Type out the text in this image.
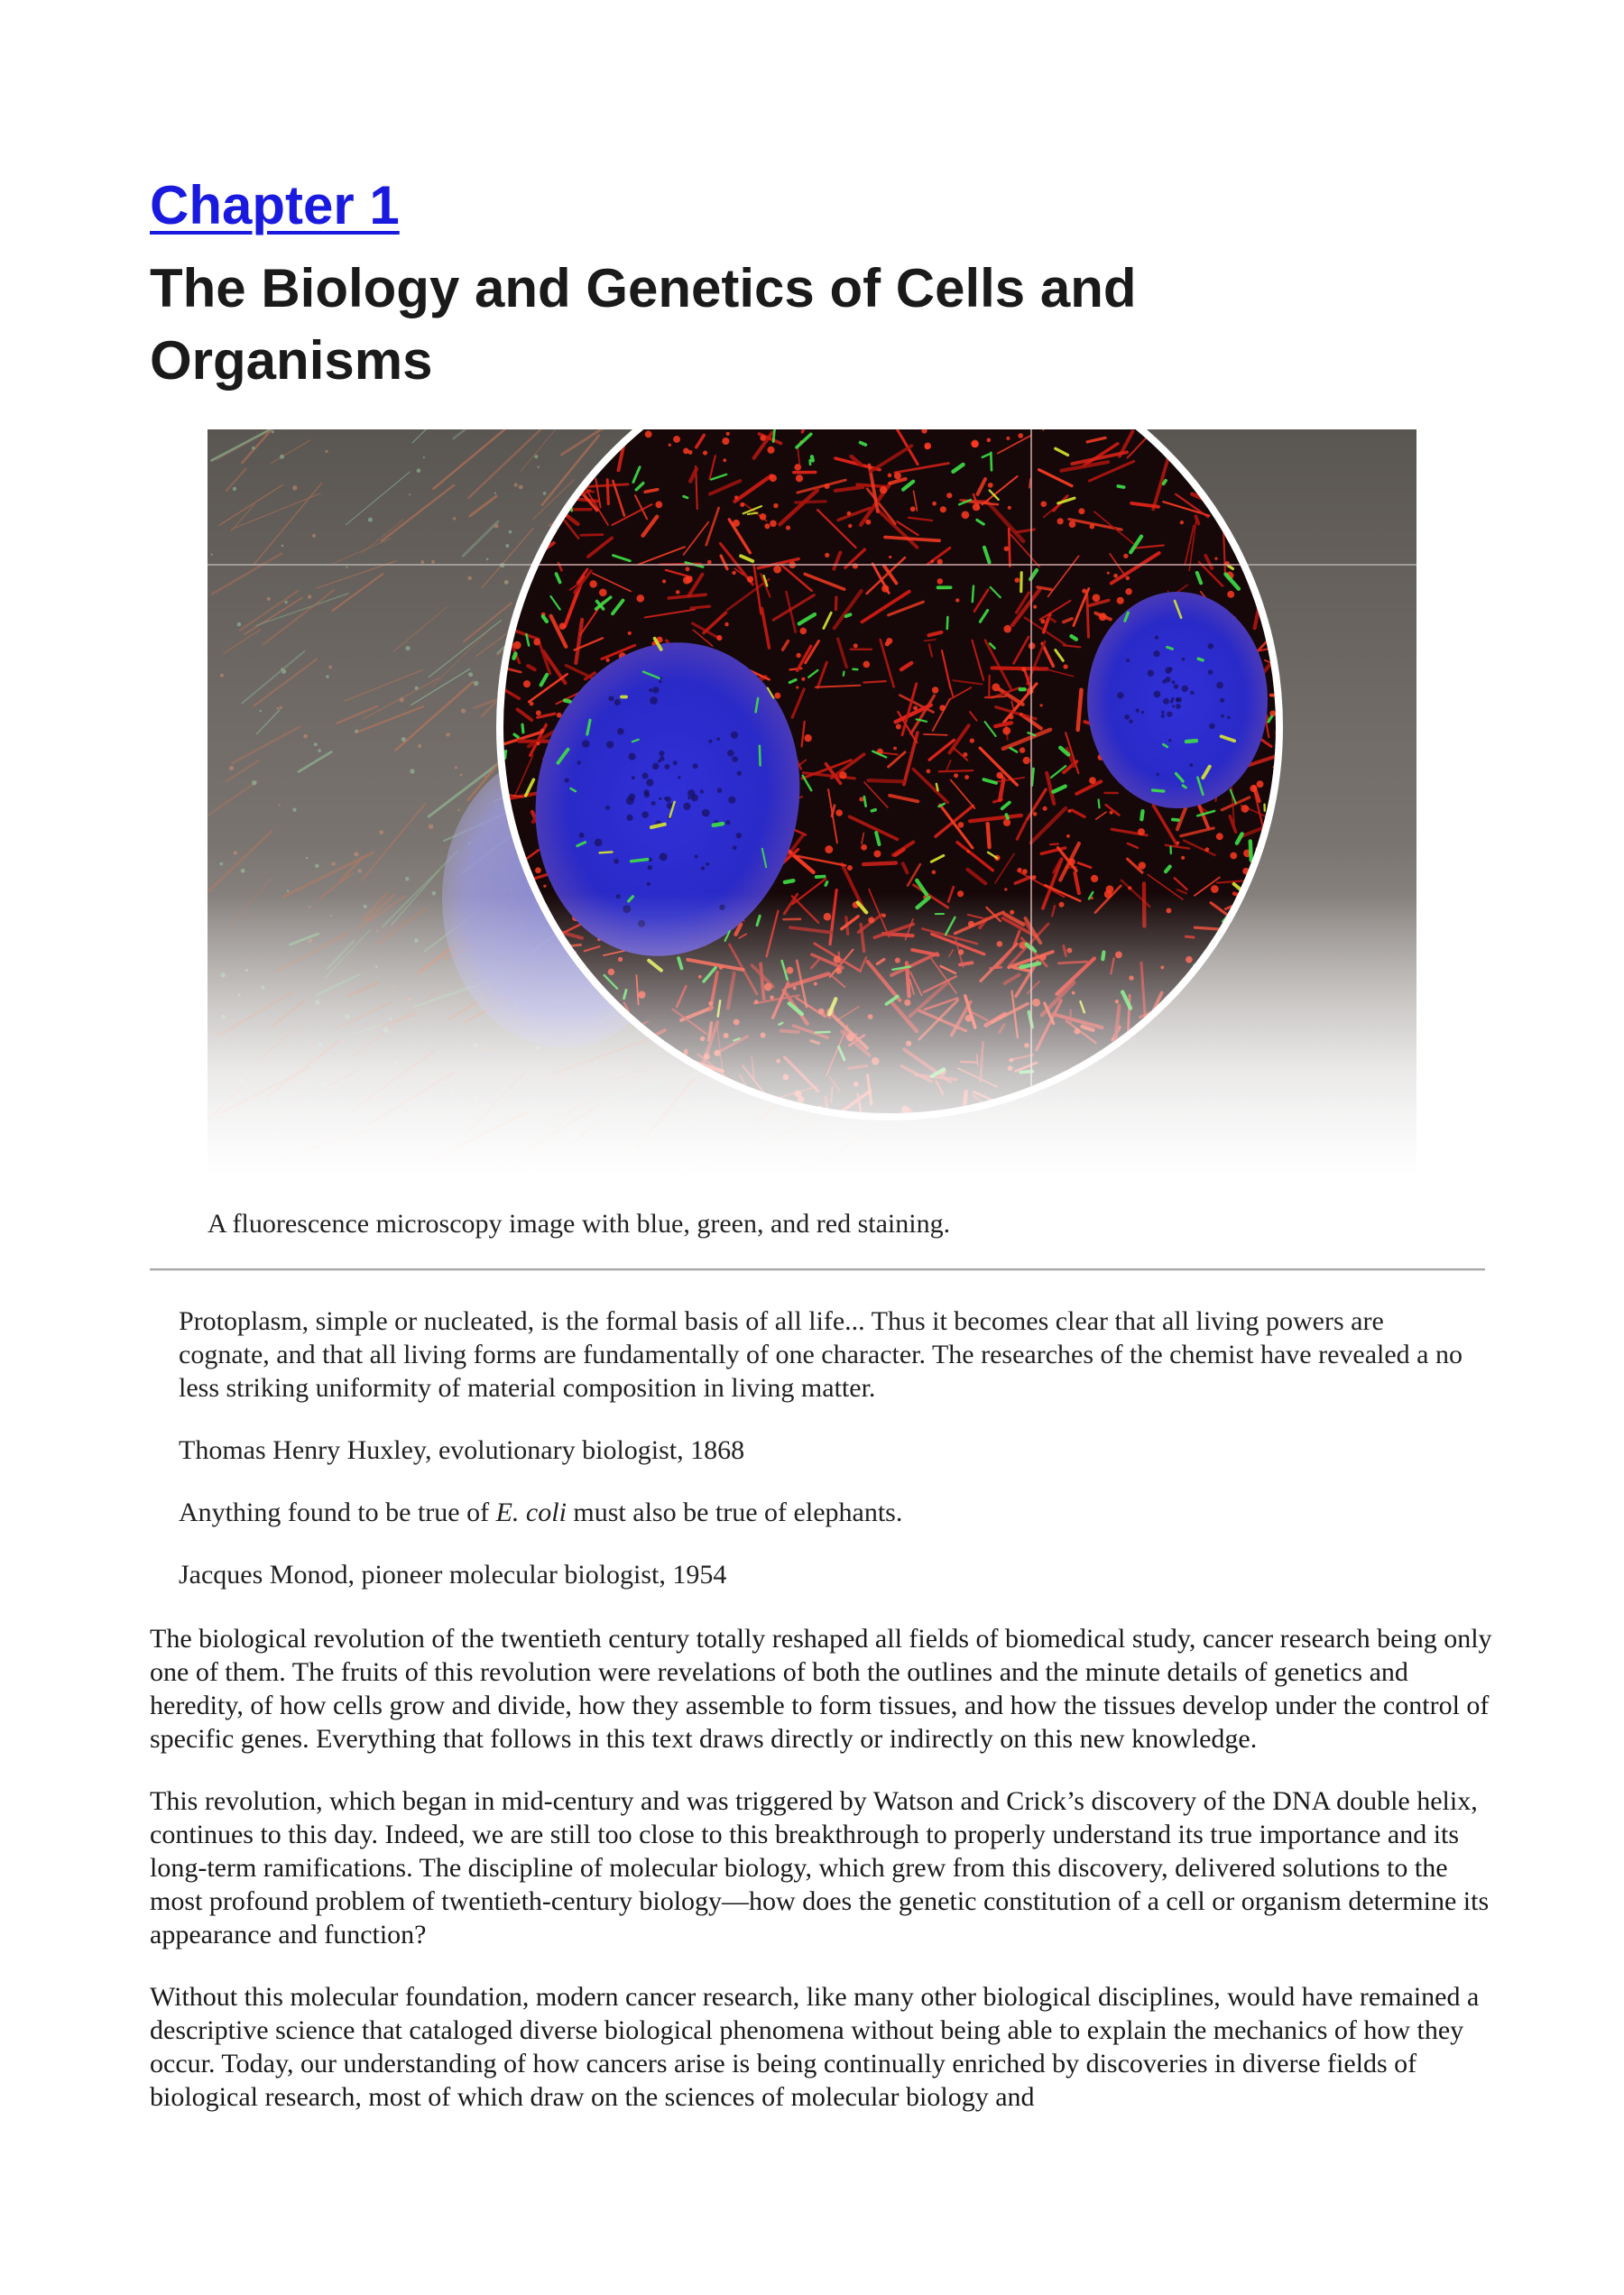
Chapter 1
The Biology and Genetics of Cells and Organisms
A fluorescence microscopy image with blue, green, and red staining.

Protoplasm, simple or nucleated, is the formal basis of all life... Thus it becomes clear that all living powers are cognate, and that all living forms are fundamentally of one character. The researches of the chemist have revealed a no less striking uniformity of material composition in living matter.

Thomas Henry Huxley, evolutionary biologist, 1868

Anything found to be true of E. coli must also be true of elephants.

Jacques Monod, pioneer molecular biologist, 1954

The biological revolution of the twentieth century totally reshaped all fields of biomedical study, cancer research being only one of them. The fruits of this revolution were revelations of both the outlines and the minute details of genetics and heredity, of how cells grow and divide, how they assemble to form tissues, and how the tissues develop under the control of specific genes. Everything that follows in this text draws directly or indirectly on this new knowledge.

This revolution, which began in mid-century and was triggered by Watson and Crick’s discovery of the DNA double helix, continues to this day. Indeed, we are still too close to this breakthrough to properly understand its true importance and its long-term ramifications. The discipline of molecular biology, which grew from this discovery, delivered solutions to the most profound problem of twentieth-century biology—how does the genetic constitution of a cell or organism determine its appearance and function?

Without this molecular foundation, modern cancer research, like many other biological disciplines, would have remained a descriptive science that cataloged diverse biological phenomena without being able to explain the mechanics of how they occur. Today, our understanding of how cancers arise is being continually enriched by discoveries in diverse fields of biological research, most of which draw on the sciences of molecular biology and
